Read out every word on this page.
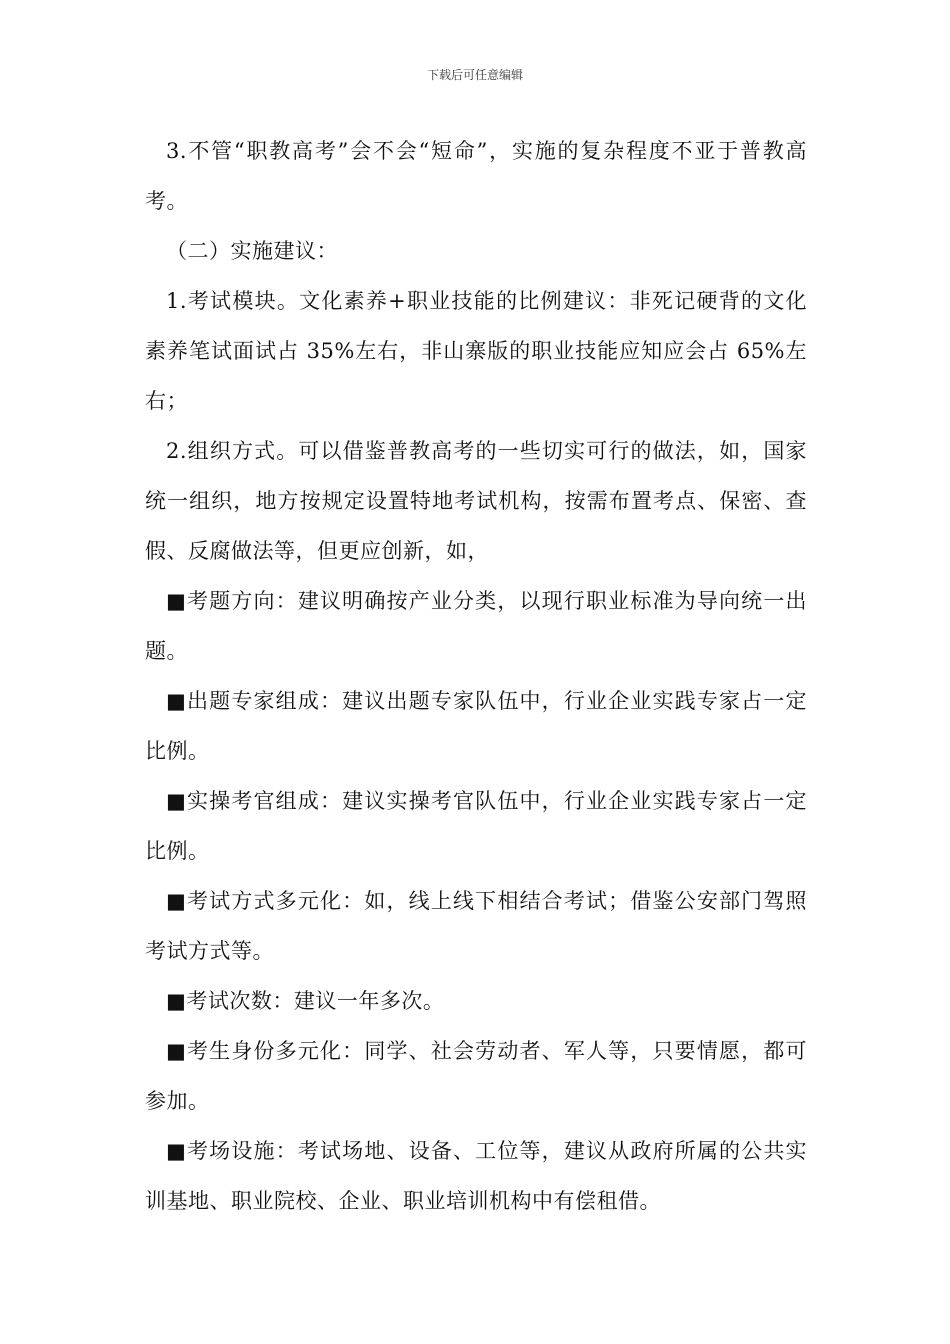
下载后可任意编辑

3.不管“职教高考”会不会“短命”，实施的复杂程度不亚于普教高考。

（二）实施建议：

1.考试模块。文化素养+职业技能的比例建议：非死记硬背的文化素养笔试面试占 35%左右，非山寨版的职业技能应知应会占 65%左右；

2.组织方式。可以借鉴普教高考的一些切实可行的做法，如，国家统一组织，地方按规定设置特地考试机构，按需布置考点、保密、查假、反腐做法等，但更应创新，如，

■考题方向：建议明确按产业分类，以现行职业标准为导向统一出题。

■出题专家组成：建议出题专家队伍中，行业企业实践专家占一定比例。

■实操考官组成：建议实操考官队伍中，行业企业实践专家占一定比例。

■考试方式多元化：如，线上线下相结合考试；借鉴公安部门驾照考试方式等。

■考试次数：建议一年多次。

■考生身份多元化：同学、社会劳动者、军人等，只要情愿，都可参加。

■考场设施：考试场地、设备、工位等，建议从政府所属的公共实训基地、职业院校、企业、职业培训机构中有偿租借。
